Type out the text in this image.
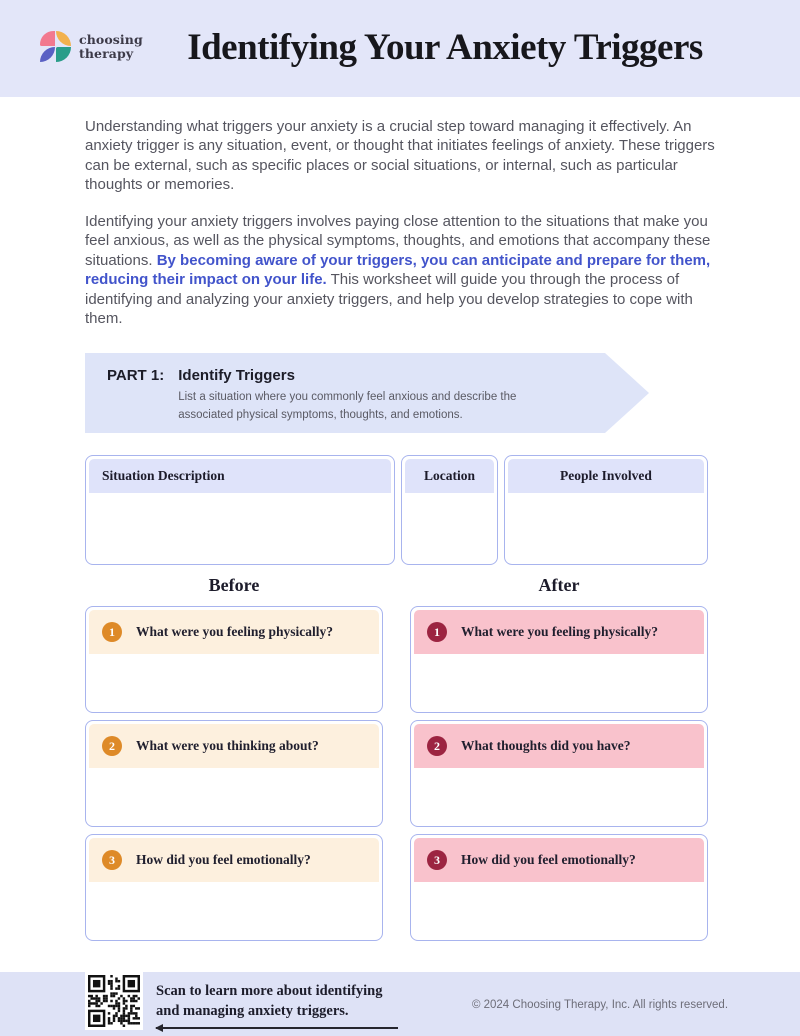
choosing
therapy	Identifying Your Anxiety Triggers

Understanding what triggers your anxiety is a crucial step toward managing it effectively. An anxiety trigger is any situation, event, or thought that initiates feelings of anxiety. These triggers can be external, such as specific places or social situations, or internal, such as particular thoughts or memories.

Identifying your anxiety triggers involves paying close attention to the situations that make you feel anxious, as well as the physical symptoms, thoughts, and emotions that accompany these situations. By becoming aware of your triggers, you can anticipate and prepare for them, reducing their impact on your life. This worksheet will guide you through the process of identifying and analyzing your anxiety triggers, and help you develop strategies to cope with them.

PART 1: Identify Triggers
List a situation where you commonly feel anxious and describe the associated physical symptoms, thoughts, and emotions.
Situation Description	Location	People Involved
Before	After
1	What were you feeling physically?	1	What were you feeling physically?
2	What were you thinking about?	2	What thoughts did you have?
3	How did you feel emotionally?	3	How did you feel emotionally?
Scan to learn more about identifying
and managing anxiety triggers.	© 2024 Choosing Therapy, Inc. All rights reserved.
